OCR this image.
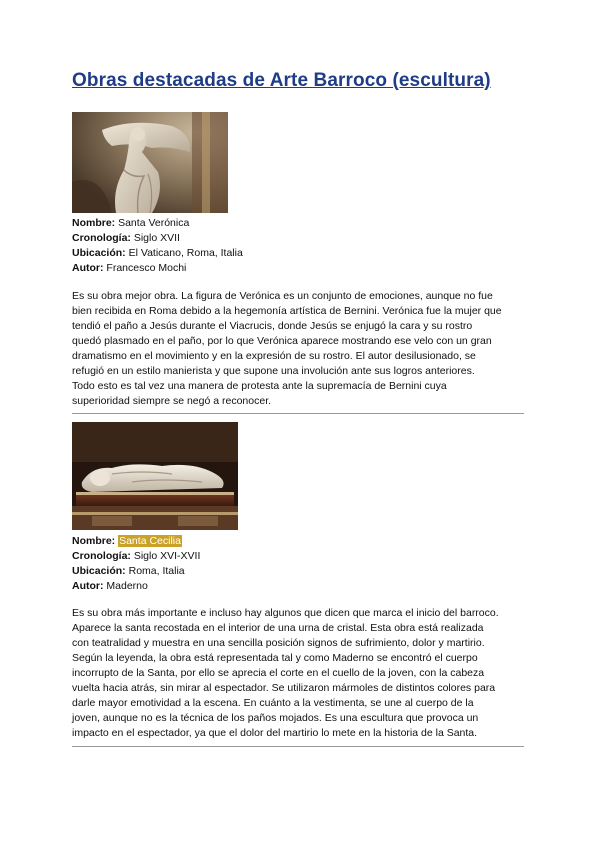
Obras destacadas de Arte Barroco (escultura)
Nombre: Santa Verónica
Cronología: Siglo XVII
Ubicación: El Vaticano, Roma, Italia
Autor: Francesco Mochi
Es su obra mejor obra. La figura de Verónica es un conjunto de emociones, aunque no fue
bien recibida en Roma debido a la hegemonía artística de Bernini. Verónica fue la mujer que
tendió el paño a Jesús durante el Viacrucis, donde Jesús se enjugó la cara y su rostro
quedó plasmado en el paño, por lo que Verónica aparece mostrando ese velo con un gran
dramatismo en el movimiento y en la expresión de su rostro. El autor desilusionado, se
refugió en un estilo manierista y que supone una involución ante sus logros anteriores.
Todo esto es tal vez una manera de protesta ante la supremacía de Bernini cuya
superioridad siempre se negó a reconocer.
Nombre: Santa Cecilia
Cronología: Siglo XVI-XVII
Ubicación: Roma, Italia
Autor: Maderno
Es su obra más importante e incluso hay algunos que dicen que marca el inicio del barroco.
Aparece la santa recostada en el interior de una urna de cristal. Esta obra está realizada
con teatralidad y muestra en una sencilla posición signos de sufrimiento, dolor y martirio.
Según la leyenda, la obra está representada tal y como Maderno se encontró el cuerpo
incorrupto de la Santa, por ello se aprecia el corte en el cuello de la joven, con la cabeza
vuelta hacia atrás, sin mirar al espectador. Se utilizaron mármoles de distintos colores para
darle mayor emotividad a la escena. En cuánto a la vestimenta, se une al cuerpo de la
joven, aunque no es la técnica de los paños mojados. Es una escultura que provoca un
impacto en el espectador, ya que el dolor del martirio lo mete en la historia de la Santa.
